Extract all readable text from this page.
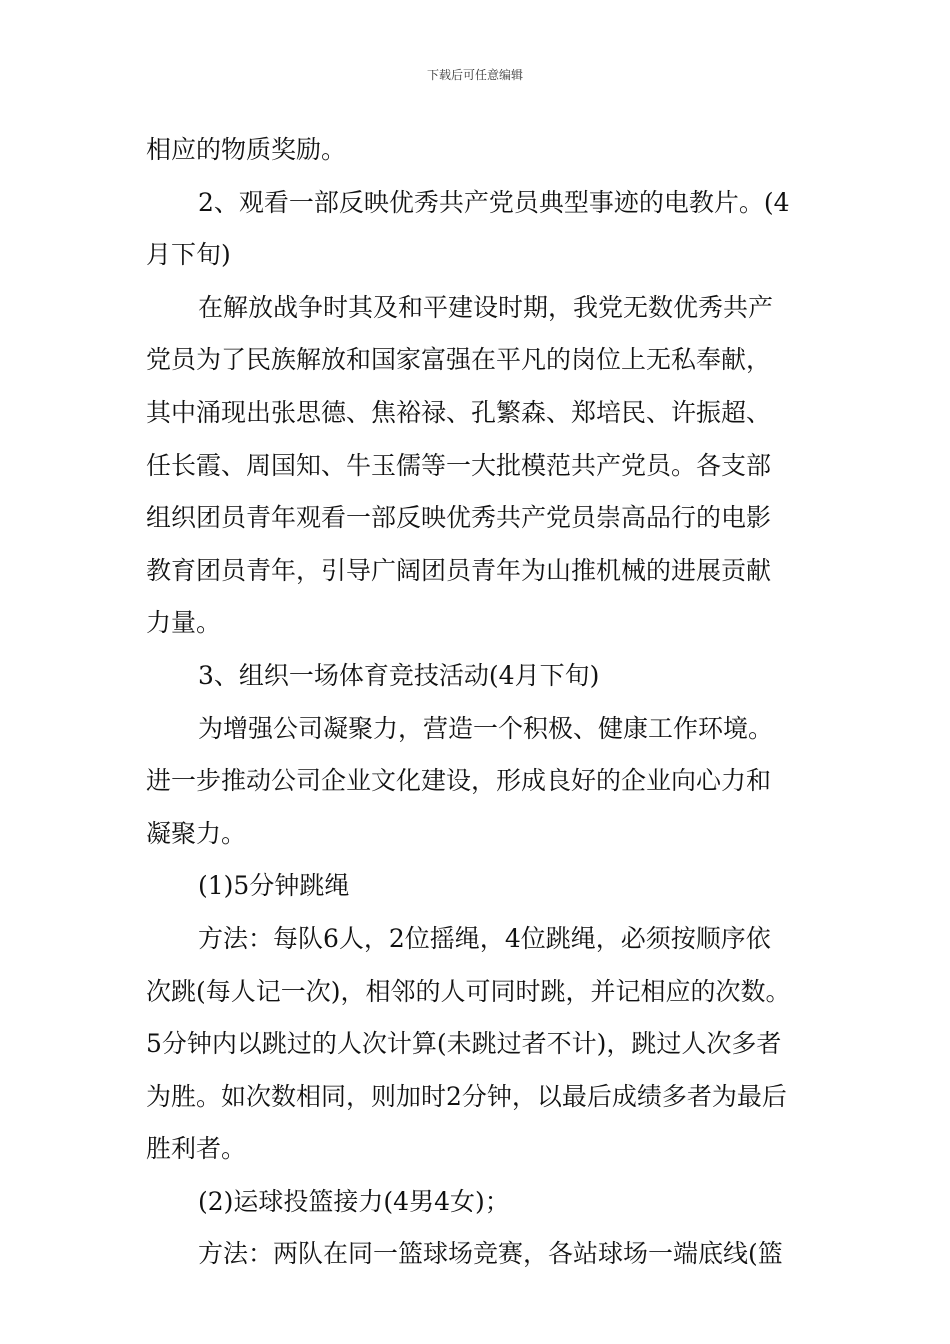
下载后可任意编辑
相应的物质奖励。
2、观看一部反映优秀共产党员典型事迹的电教片。(4
月下旬)
在解放战争时其及和平建设时期，我党无数优秀共产
党员为了民族解放和国家富强在平凡的岗位上无私奉献，
其中涌现出张思德、焦裕禄、孔繁森、郑培民、许振超、
任长霞、周国知、牛玉儒等一大批模范共产党员。各支部
组织团员青年观看一部反映优秀共产党员崇高品行的电影
教育团员青年，引导广阔团员青年为山推机械的进展贡献
力量。
3、组织一场体育竞技活动(4月下旬)
为增强公司凝聚力，营造一个积极、健康工作环境。
进一步推动公司企业文化建设，形成良好的企业向心力和
凝聚力。
(1)5分钟跳绳
方法：每队6人，2位摇绳，4位跳绳，必须按顺序依
次跳(每人记一次)，相邻的人可同时跳，并记相应的次数。
5分钟内以跳过的人次计算(未跳过者不计)，跳过人次多者
为胜。如次数相同，则加时2分钟，以最后成绩多者为最后
胜利者。
(2)运球投篮接力(4男4女)；
方法：两队在同一篮球场竞赛，各站球场一端底线(篮
